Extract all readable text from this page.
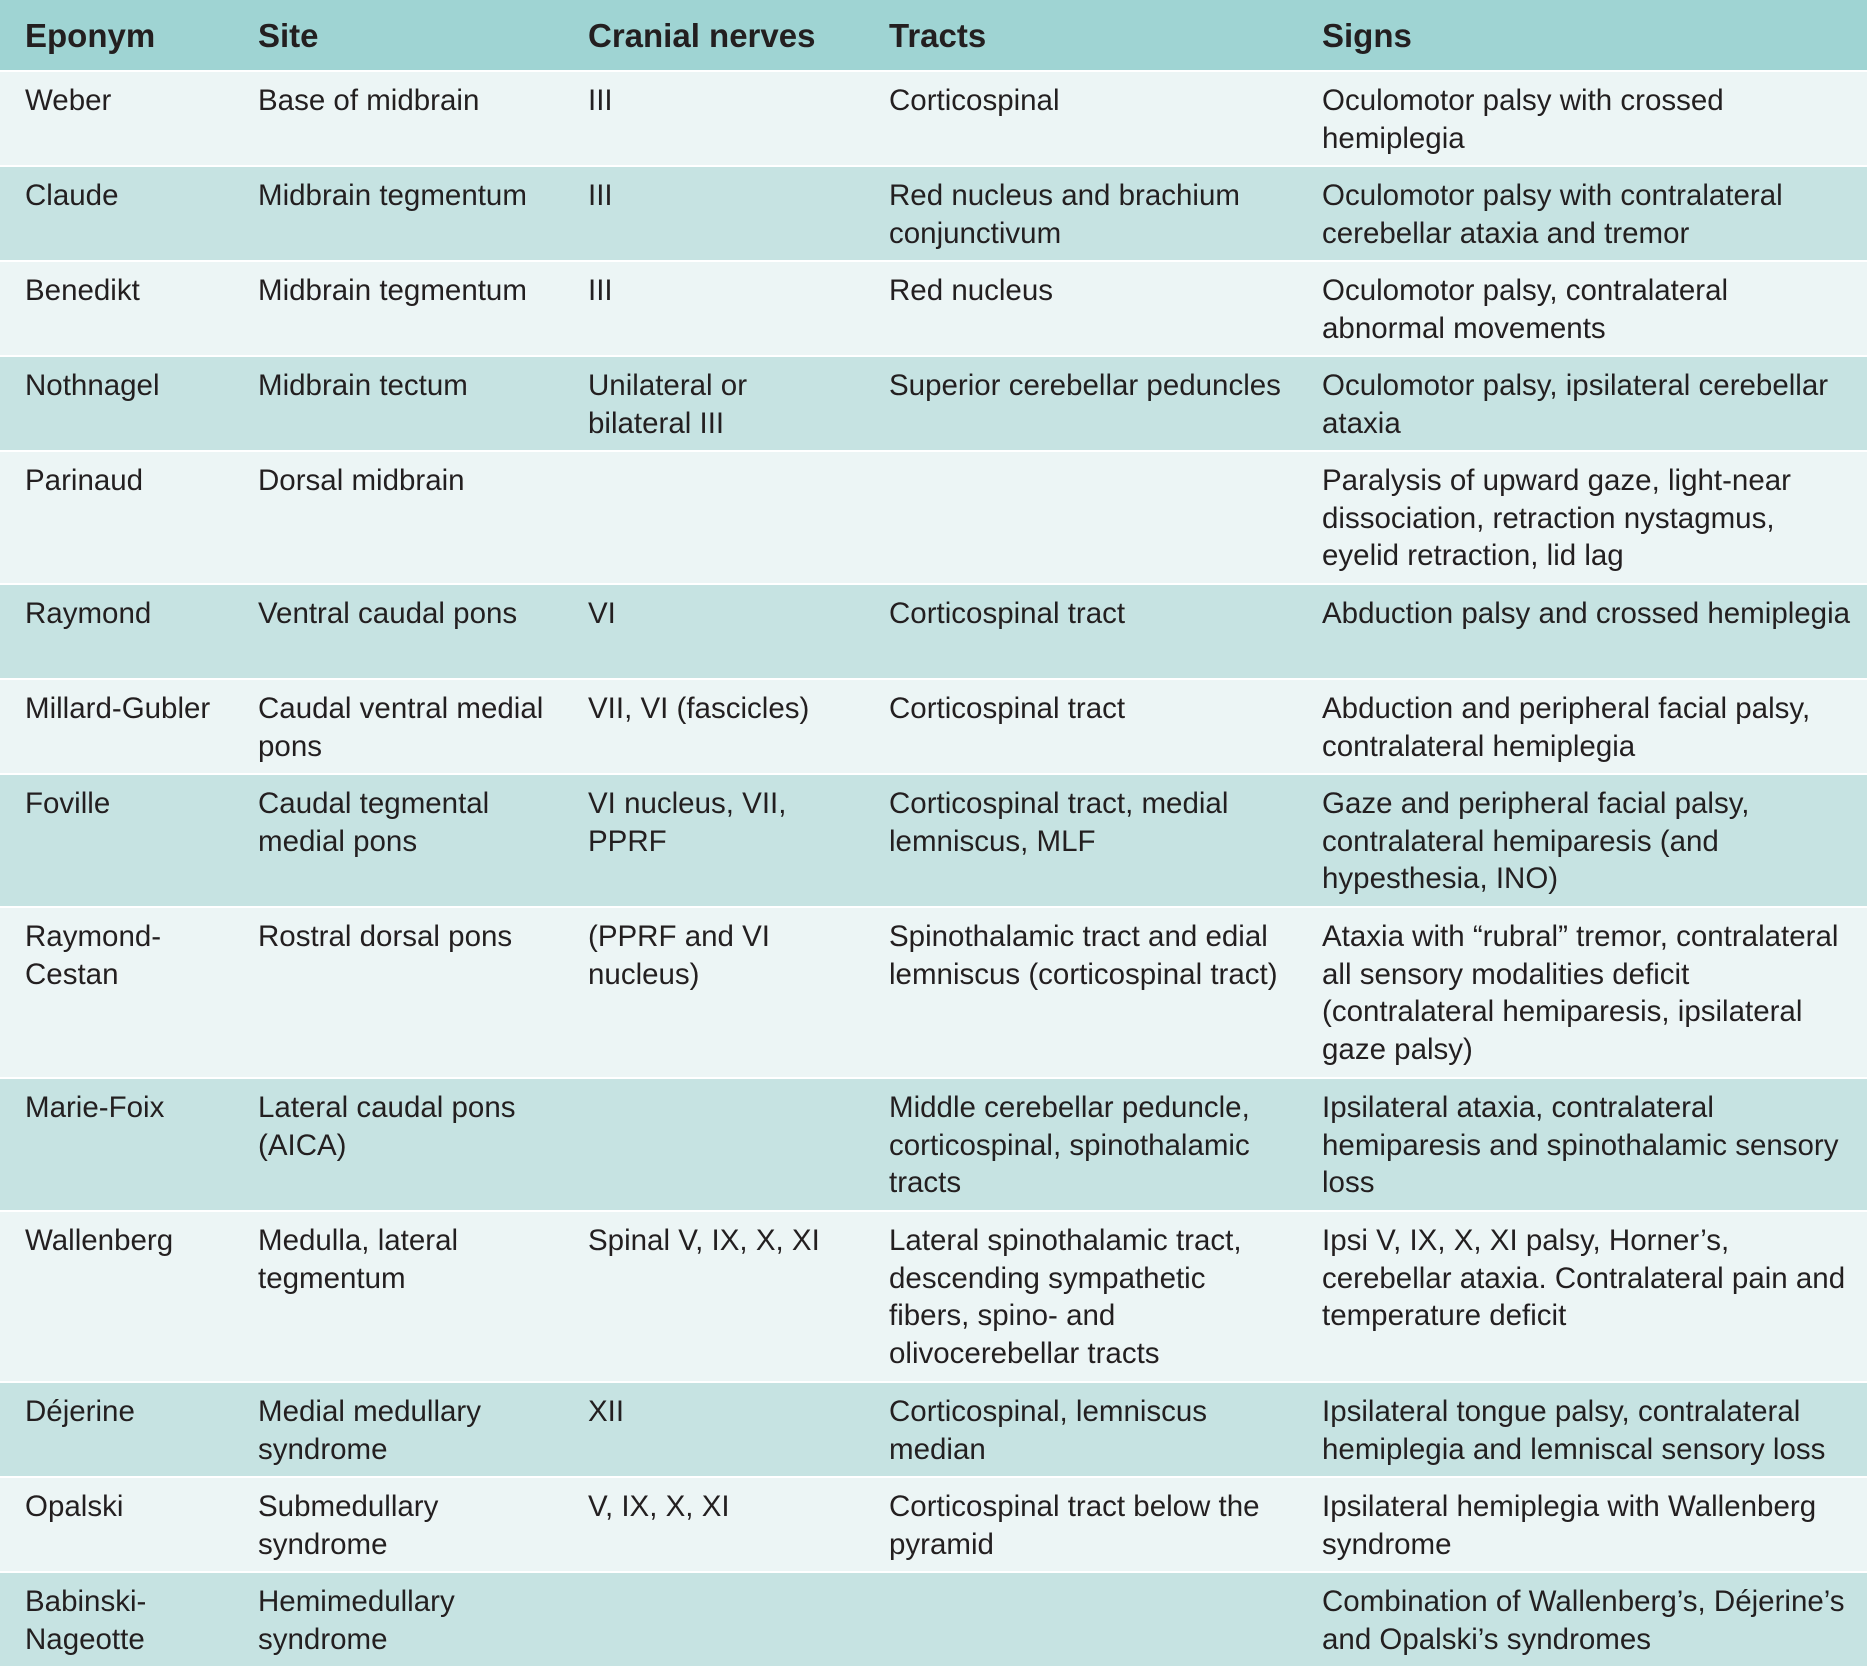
Eponym	Site	Cranial nerves	Tracts	Signs
Weber	Base of midbrain	III	Corticospinal	Oculomotor palsy with crossed hemiplegia
Claude	Midbrain tegmentum	III	Red nucleus and brachium conjunctivum	Oculomotor palsy with contralateral cerebellar ataxia and tremor
Benedikt	Midbrain tegmentum	III	Red nucleus	Oculomotor palsy, contralateral abnormal movements
Nothnagel	Midbrain tectum	Unilateral or bilateral III	Superior cerebellar peduncles	Oculomotor palsy, ipsilateral cerebellar ataxia
Parinaud	Dorsal midbrain			Paralysis of upward gaze, light-near dissociation, retraction nystagmus, eyelid retraction, lid lag
Raymond	Ventral caudal pons	VI	Corticospinal tract	Abduction palsy and crossed hemiplegia
Millard-Gubler	Caudal ventral medial pons	VII, VI (fascicles)	Corticospinal tract	Abduction and peripheral facial palsy, contralateral hemiplegia
Foville	Caudal tegmental medial pons	VI nucleus, VII, PPRF	Corticospinal tract, medial lemniscus, MLF	Gaze and peripheral facial palsy, contralateral hemiparesis (and hypesthesia, INO)
Raymond-Cestan	Rostral dorsal pons	(PPRF and VI nucleus)	Spinothalamic tract and edial lemniscus (corticospinal tract)	Ataxia with “rubral” tremor, contralateral all sensory modalities deficit (contralateral hemiparesis, ipsilateral gaze palsy)
Marie-Foix	Lateral caudal pons (AICA)		Middle cerebellar peduncle, corticospinal, spinothalamic tracts	Ipsilateral ataxia, contralateral hemiparesis and spinothalamic sensory loss
Wallenberg	Medulla, lateral tegmentum	Spinal V, IX, X, XI	Lateral spinothalamic tract, descending sympathetic fibers, spino- and olivocerebellar tracts	Ipsi V, IX, X, XI palsy, Horner’s, cerebellar ataxia. Contralateral pain and temperature deficit
Déjerine	Medial medullary syndrome	XII	Corticospinal, lemniscus median	Ipsilateral tongue palsy, contralateral hemiplegia and lemniscal sensory loss
Opalski	Submedullary syndrome	V, IX, X, XI	Corticospinal tract below the pyramid	Ipsilateral hemiplegia with Wallenberg syndrome
Babinski-Nageotte	Hemimedullary syndrome			Combination of Wallenberg’s, Déjerine’s and Opalski’s syndromes
